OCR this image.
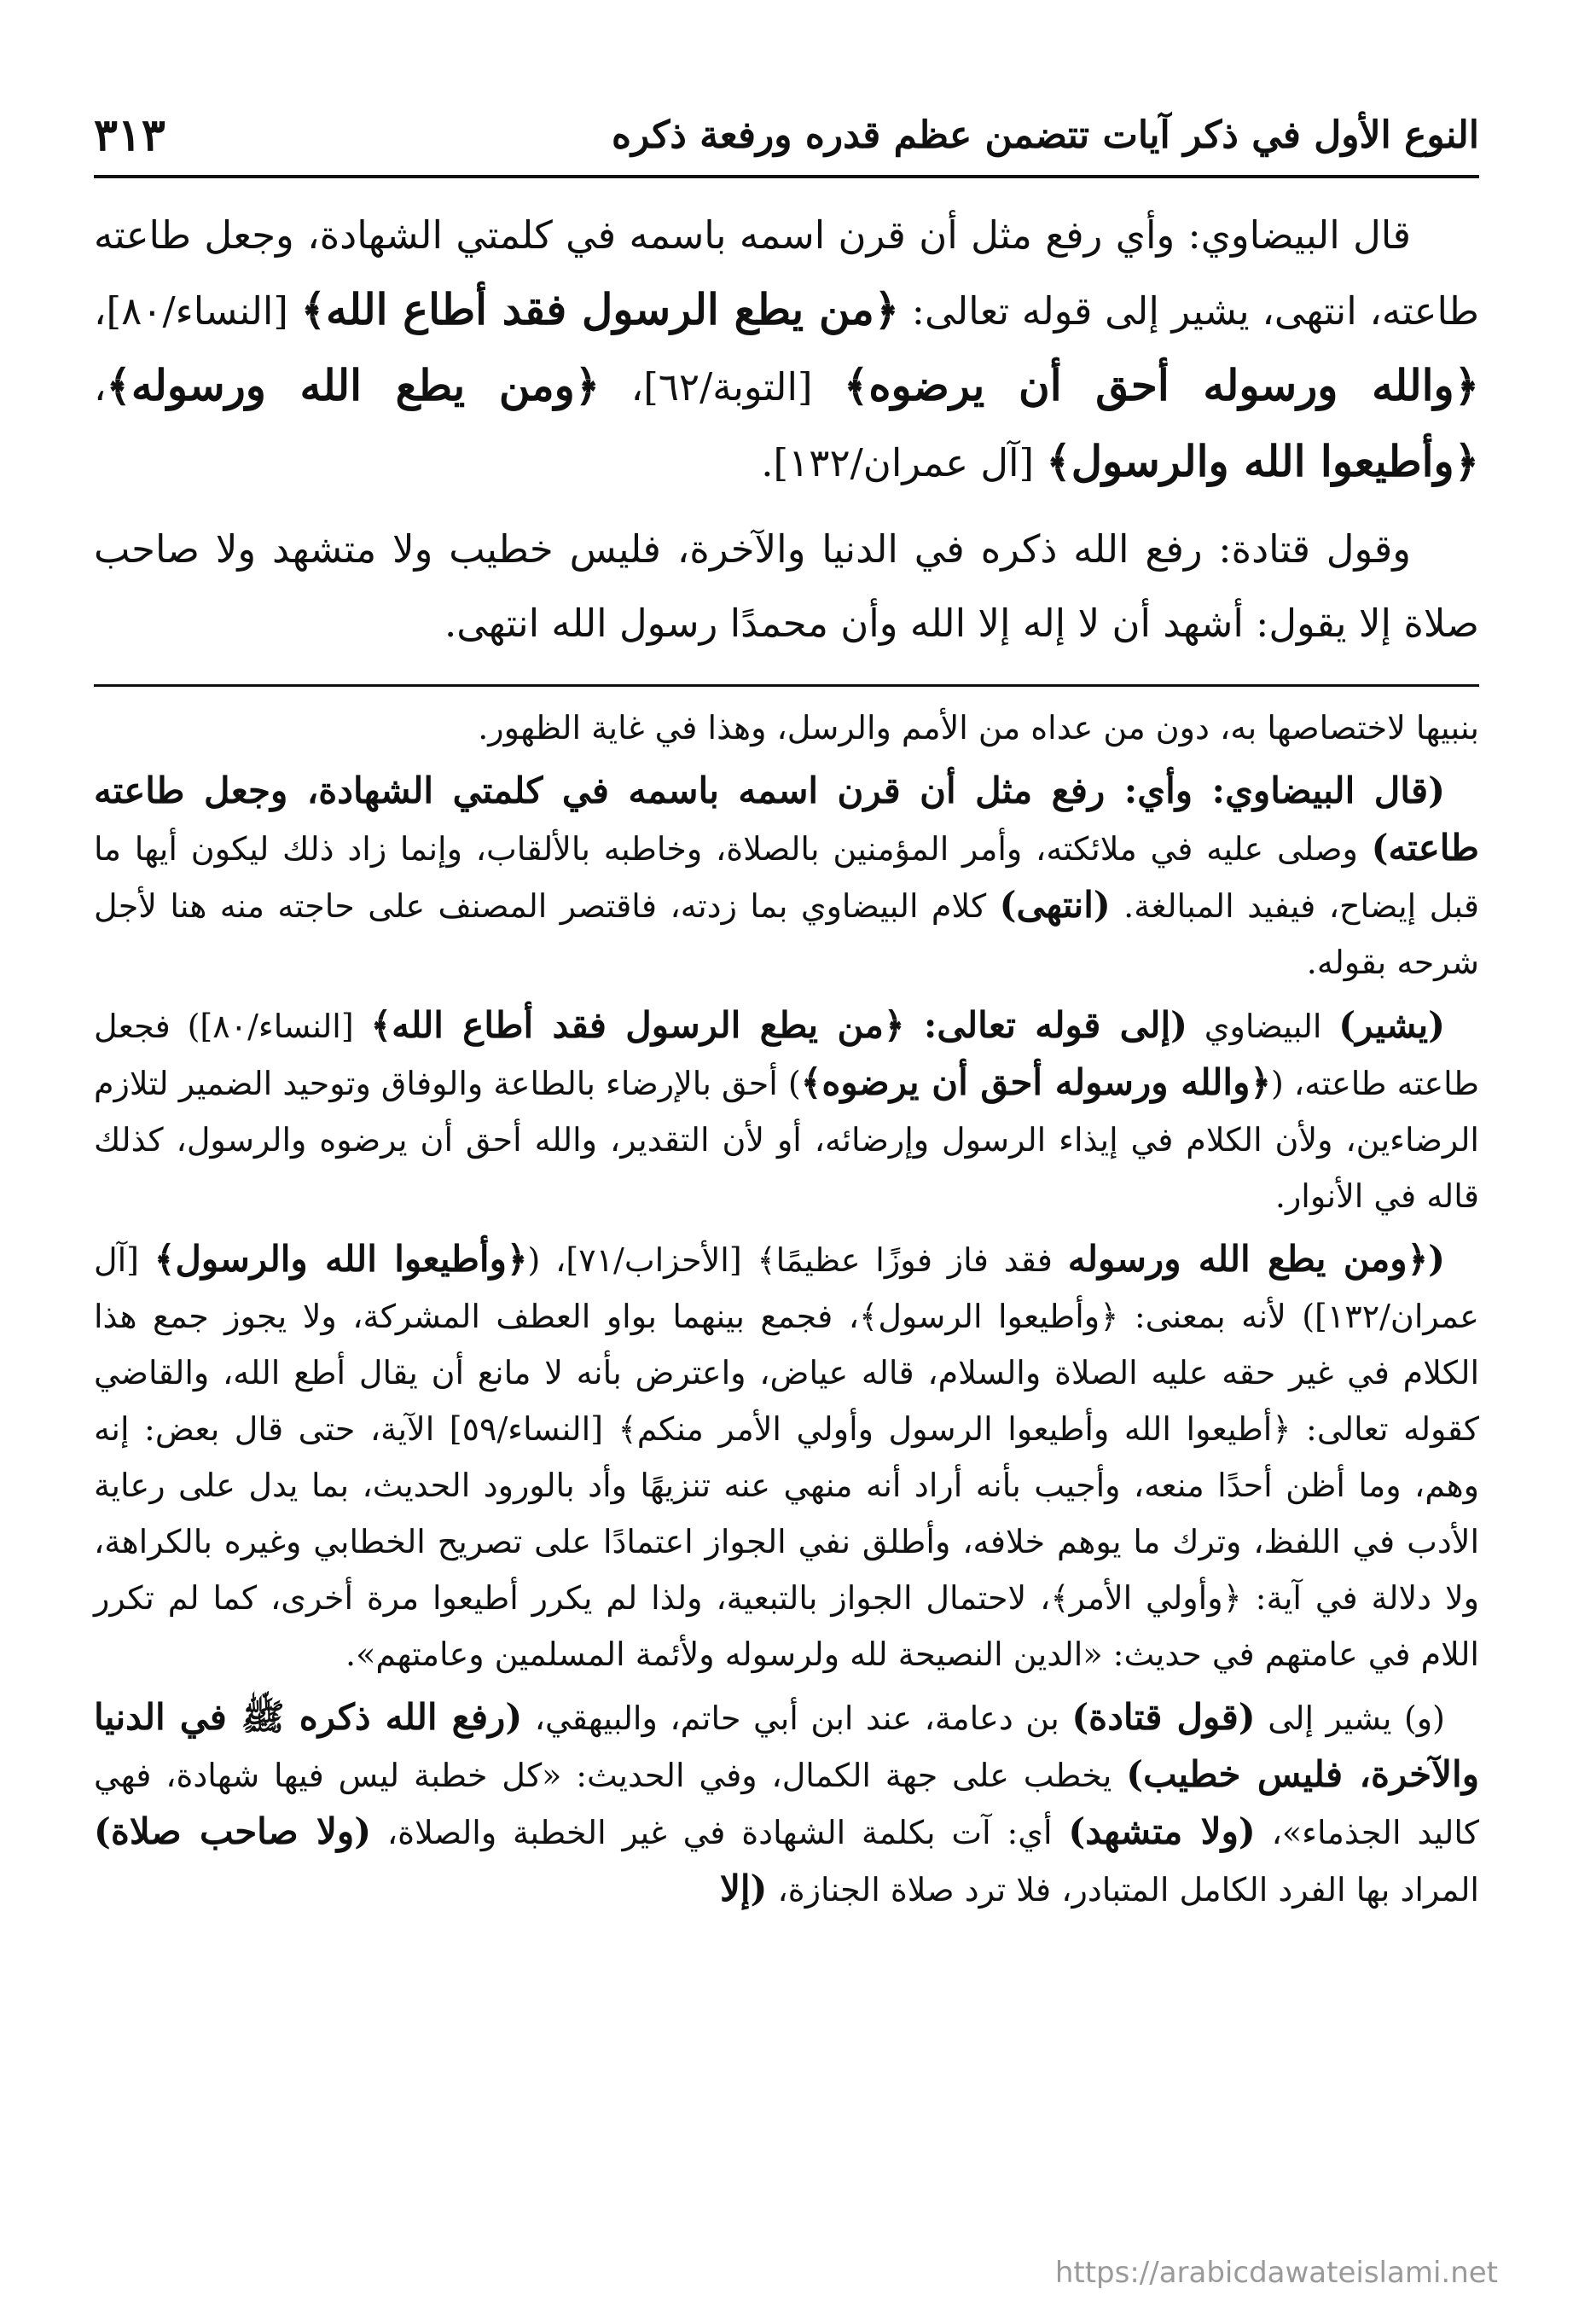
النوع الأول في ذكر آيات تتضمن عظم قدره ورفعة ذكره
٣١٣

قال البيضاوي: وأي رفع مثل أن قرن اسمه باسمه في كلمتي الشهادة، وجعل طاعته طاعته، انتهى، يشير إلى قوله تعالى: ﴿من يطع الرسول فقد أطاع الله﴾ [النساء/٨٠]، ﴿والله ورسوله أحق أن يرضوه﴾ [التوبة/٦٢]، ﴿ومن يطع الله ورسوله﴾، ﴿وأطيعوا الله والرسول﴾ [آل عمران/١٣٢].

وقول قتادة: رفع الله ذكره في الدنيا والآخرة، فليس خطيب ولا متشهد ولا صاحب صلاة إلا يقول: أشهد أن لا إله إلا الله وأن محمدًا رسول الله انتهى.

بنبيها لاختصاصها به، دون من عداه من الأمم والرسل، وهذا في غاية الظهور.

(قال البيضاوي: وأي: رفع مثل أن قرن اسمه باسمه في كلمتي الشهادة، وجعل طاعته طاعته) وصلى عليه في ملائكته، وأمر المؤمنين بالصلاة، وخاطبه بالألقاب، وإنما زاد ذلك ليكون أيها ما قبل إيضاح، فيفيد المبالغة. (انتهى) كلام البيضاوي بما زدته، فاقتصر المصنف على حاجته منه هنا لأجل شرحه بقوله.

(يشير) البيضاوي (إلى قوله تعالى: ﴿من يطع الرسول فقد أطاع الله﴾ [النساء/٨٠]) فجعل طاعته طاعته، (﴿والله ورسوله أحق أن يرضوه﴾) أحق بالإرضاء بالطاعة والوفاق وتوحيد الضمير لتلازم الرضاءين، ولأن الكلام في إيذاء الرسول وإرضائه، أو لأن التقدير، والله أحق أن يرضوه والرسول، كذلك قاله في الأنوار.

(﴿ومن يطع الله ورسوله فقد فاز فوزًا عظيمًا﴾ [الأحزاب/٧١]، (﴿وأطيعوا الله والرسول﴾ [آل عمران/١٣٢]) لأنه بمعنى: ﴿وأطيعوا الرسول﴾، فجمع بينهما بواو العطف المشركة، ولا يجوز جمع هذا الكلام في غير حقه عليه الصلاة والسلام، قاله عياض، واعترض بأنه لا مانع أن يقال أطع الله، والقاضي كقوله تعالى: ﴿أطيعوا الله وأطيعوا الرسول وأولي الأمر منكم﴾ [النساء/٥٩] الآية، حتى قال بعض: إنه وهم، وما أظن أحدًا منعه، وأجيب بأنه أراد أنه منهي عنه تنزيهًا وأد بالورود الحديث، بما يدل على رعاية الأدب في اللفظ، وترك ما يوهم خلافه، وأطلق نفي الجواز اعتمادًا على تصريح الخطابي وغيره بالكراهة، ولا دلالة في آية: ﴿وأولي الأمر﴾، لاحتمال الجواز بالتبعية، ولذا لم يكرر أطيعوا مرة أخرى، كما لم تكرر اللام في عامتهم في حديث: «الدين النصيحة لله ولرسوله ولأئمة المسلمين وعامتهم».

(و) يشير إلى (قول قتادة) بن دعامة، عند ابن أبي حاتم، والبيهقي، (رفع الله ذكره ﷺ في الدنيا والآخرة، فليس خطيب) يخطب على جهة الكمال، وفي الحديث: «كل خطبة ليس فيها شهادة، فهي كاليد الجذماء»، (ولا متشهد) أي: آت بكلمة الشهادة في غير الخطبة والصلاة، (ولا صاحب صلاة) المراد بها الفرد الكامل المتبادر، فلا ترد صلاة الجنازة، (إلا

https://arabicdawateislami.net
